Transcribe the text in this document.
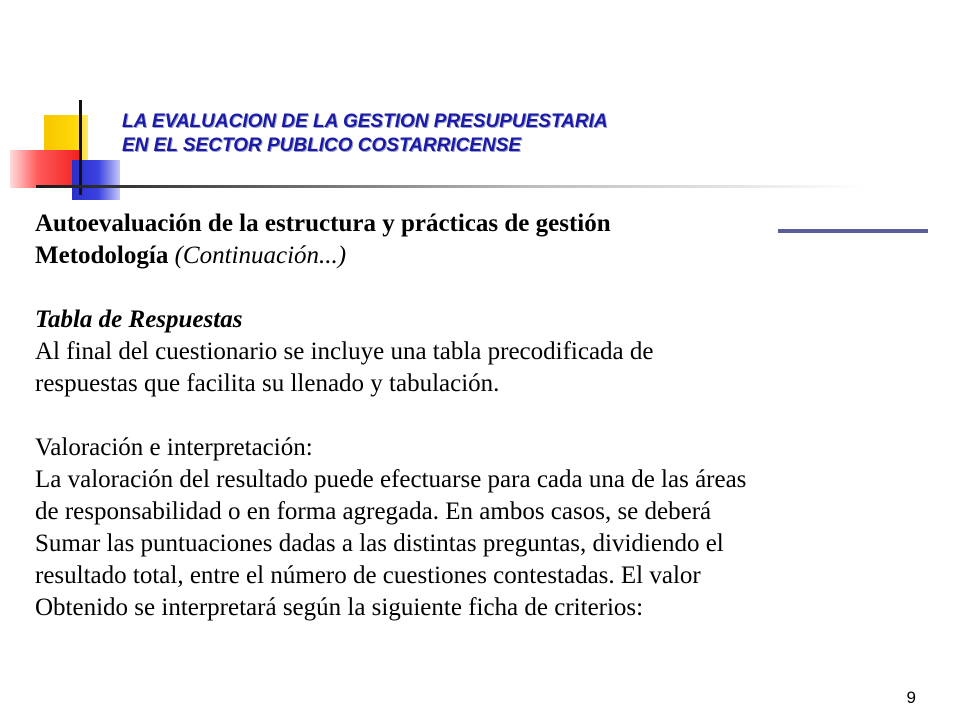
LA EVALUACION DE LA GESTION PRESUPUESTARIA
EN EL SECTOR PUBLICO COSTARRICENSE

Autoevaluación de la estructura y prácticas de gestión

Metodología (Continuación...)

Tabla de Respuestas

Al final del cuestionario se incluye una tabla precodificada de

respuestas que facilita su llenado y tabulación.

Valoración e interpretación:

La valoración del resultado puede efectuarse para cada una de las áreas

de responsabilidad o en forma agregada. En ambos casos, se deberá

Sumar las puntuaciones dadas a las distintas preguntas, dividiendo el

resultado total, entre el número de cuestiones contestadas. El valor

Obtenido se interpretará según la siguiente ficha de criterios:

9
